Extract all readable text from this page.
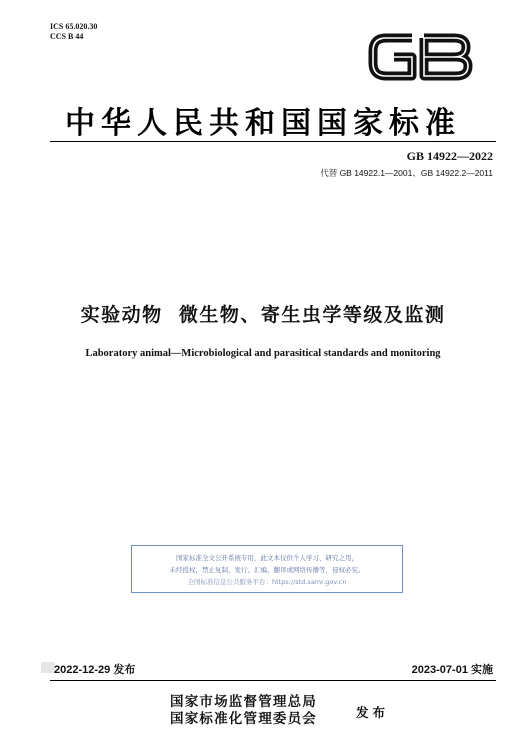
ICS 65.020.30
CCS B 44
GB
中华人民共和国国家标准
GB 14922—2022
代替 GB 14922.1—2001、GB 14922.2—2011
实验动物  微生物、寄生虫学等级及监测
Laboratory animal—Microbiological and parasitical standards and monitoring
国家标准全文公开系统专用，此文本仅供个人学习、研究之用，
未经授权，禁止复制、发行、汇编、翻译或网络传播等，侵权必究。
全国标准信息公共服务平台：https://std.samr.gov.cn
2022-12-29 发布	2023-07-01 实施
国家市场监督管理总局
国家标准化管理委员会	发布
